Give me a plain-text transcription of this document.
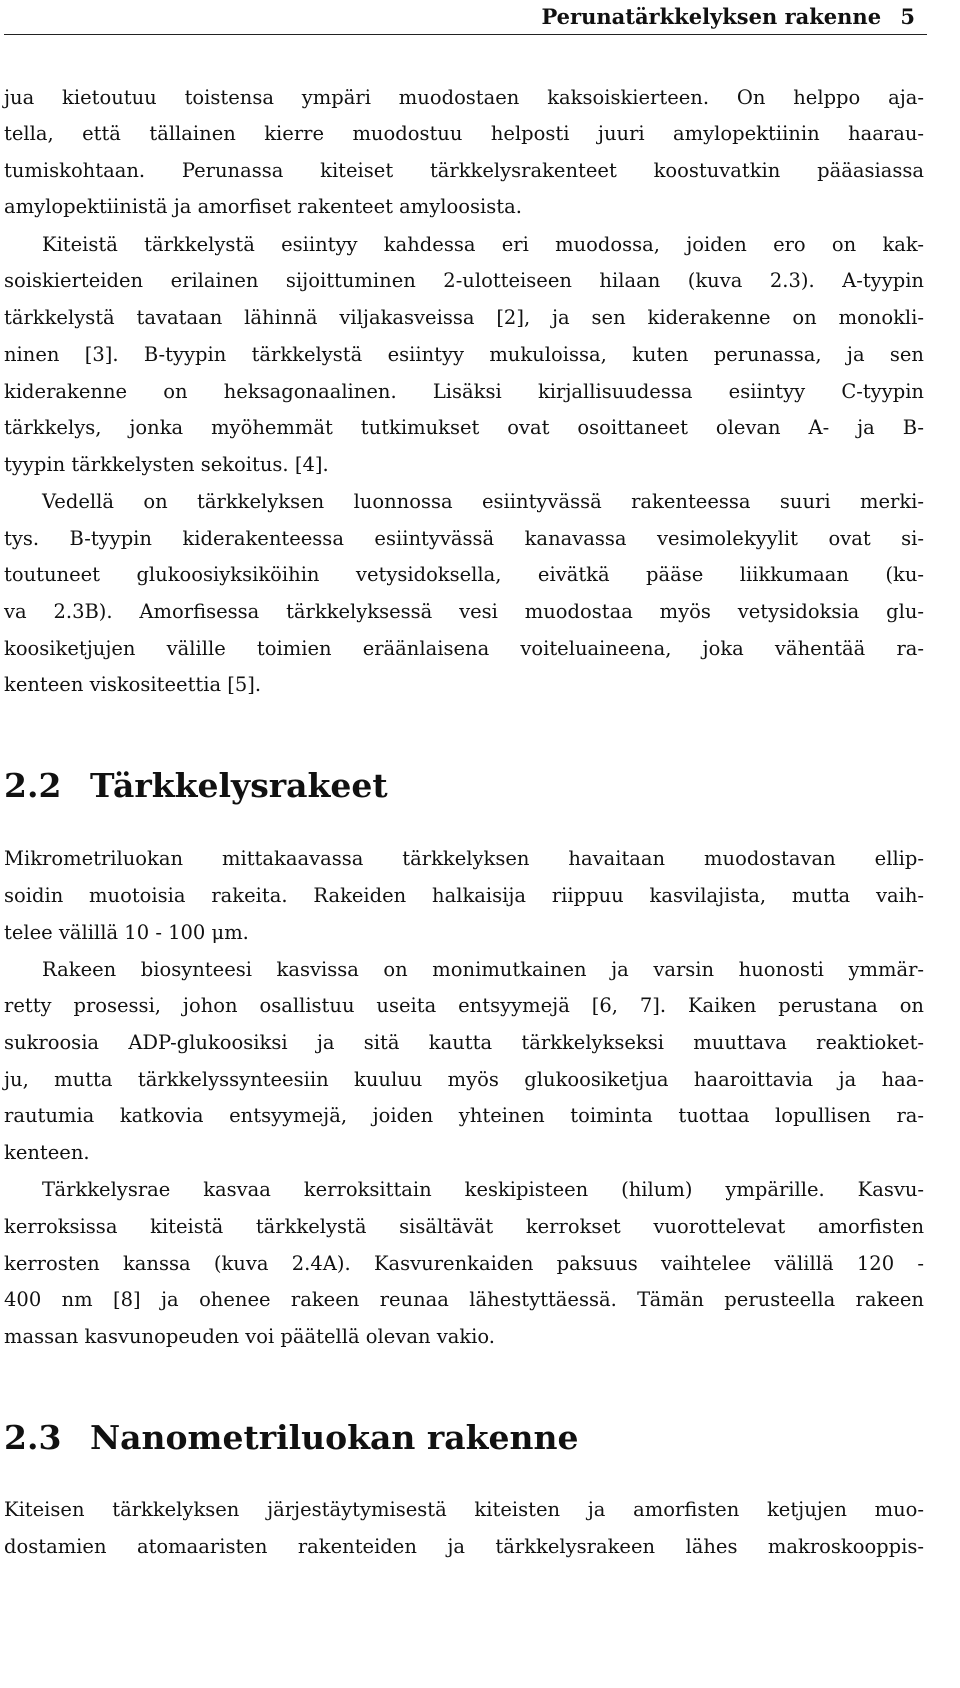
Perunatärkkelyksen rakenne 5
jua kietoutuu toistensa ympäri muodostaen kaksoiskierteen. On helppo aja-
tella, että tällainen kierre muodostuu helposti juuri amylopektiinin haarau-
tumiskohtaan. Perunassa kiteiset tärkkelysrakenteet koostuvatkin pääasiassa
amylopektiinistä ja amorfiset rakenteet amyloosista.
Kiteistä tärkkelystä esiintyy kahdessa eri muodossa, joiden ero on kak-
soiskierteiden erilainen sijoittuminen 2-ulotteiseen hilaan (kuva 2.3). A-tyypin
tärkkelystä tavataan lähinnä viljakasveissa [2], ja sen kiderakenne on monokli-
ninen [3]. B-tyypin tärkkelystä esiintyy mukuloissa, kuten perunassa, ja sen
kiderakenne on heksagonaalinen. Lisäksi kirjallisuudessa esiintyy C-tyypin
tärkkelys, jonka myöhemmät tutkimukset ovat osoittaneet olevan A- ja B-
tyypin tärkkelysten sekoitus. [4].
Vedellä on tärkkelyksen luonnossa esiintyvässä rakenteessa suuri merki-
tys. B-tyypin kiderakenteessa esiintyvässä kanavassa vesimolekyylit ovat si-
toutuneet glukoosiyksiköihin vetysidoksella, eivätkä pääse liikkumaan (ku-
va 2.3B). Amorfisessa tärkkelyksessä vesi muodostaa myös vetysidoksia glu-
koosiketjujen välille toimien eräänlaisena voiteluaineena, joka vähentää ra-
kenteen viskositeettia [5].
2.2 Tärkkelysrakeet
Mikrometriluokan mittakaavassa tärkkelyksen havaitaan muodostavan ellip-
soidin muotoisia rakeita. Rakeiden halkaisija riippuu kasvilajista, mutta vaih-
telee välillä 10 - 100 μm.
Rakeen biosynteesi kasvissa on monimutkainen ja varsin huonosti ymmär-
retty prosessi, johon osallistuu useita entsyymejä [6, 7]. Kaiken perustana on
sukroosia ADP-glukoosiksi ja sitä kautta tärkkelykseksi muuttava reaktioket-
ju, mutta tärkkelyssynteesiin kuuluu myös glukoosiketjua haaroittavia ja haa-
rautumia katkovia entsyymejä, joiden yhteinen toiminta tuottaa lopullisen ra-
kenteen.
Tärkkelysrae kasvaa kerroksittain keskipisteen (hilum) ympärille. Kasvu-
kerroksissa kiteistä tärkkelystä sisältävät kerrokset vuorottelevat amorfisten
kerrosten kanssa (kuva 2.4A). Kasvurenkaiden paksuus vaihtelee välillä 120 -
400 nm [8] ja ohenee rakeen reunaa lähestyttäessä. Tämän perusteella rakeen
massan kasvunopeuden voi päätellä olevan vakio.
2.3 Nanometriluokan rakenne
Kiteisen tärkkelyksen järjestäytymisestä kiteisten ja amorfisten ketjujen muo-
dostamien atomaaristen rakenteiden ja tärkkelysrakeen lähes makroskooppis-
